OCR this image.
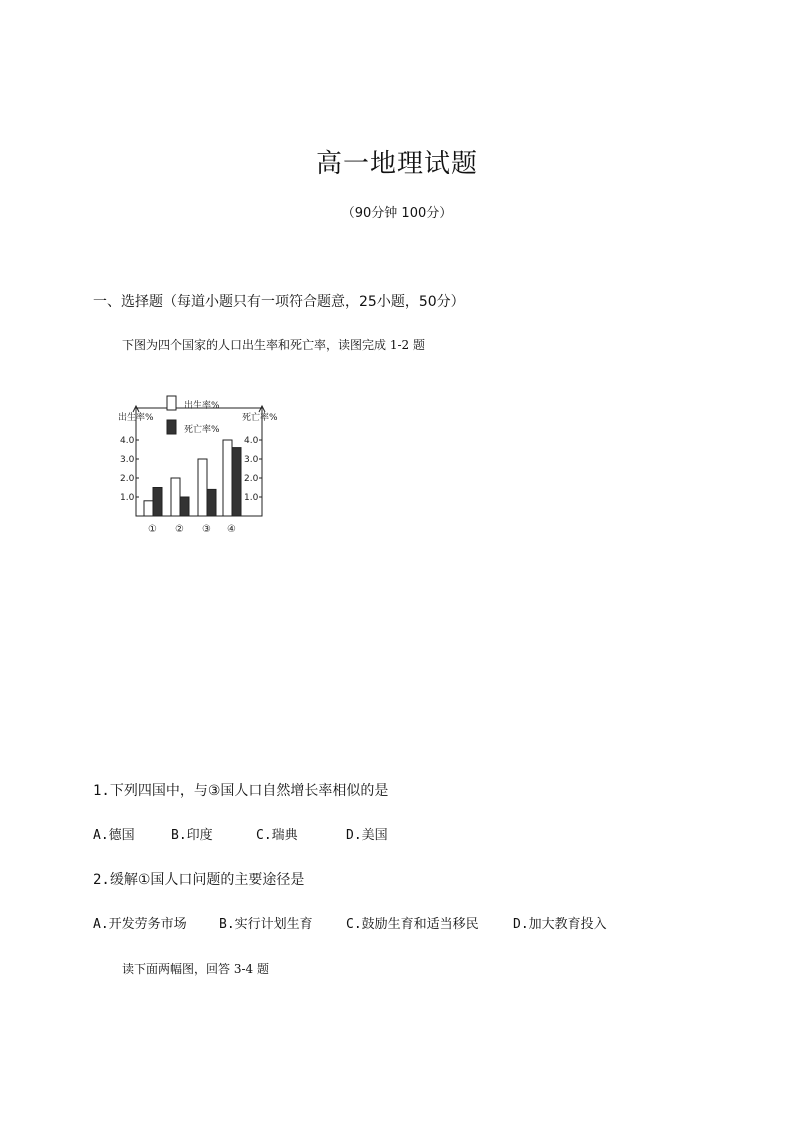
高一地理试题
（90分钟 100分）
一、选择题（每道小题只有一项符合题意，25小题，50分）
下图为四个国家的人口出生率和死亡率，读图完成 1-2 题
出生率%	死亡率%
1.0	1.0
2.0	2.0
3.0	3.0
4.0	4.0
① ② ③ ④
出生率%
死亡率%
1.下列四国中，与③国人口自然增长率相似的是
A.德国	B.印度	C.瑞典	D.美国
2.缓解①国人口问题的主要途径是
A.开发劳务市场 B.实行计划生育	C.鼓励生育和适当移民	D.加大教育投入
读下面两幅图，回答 3-4 题
